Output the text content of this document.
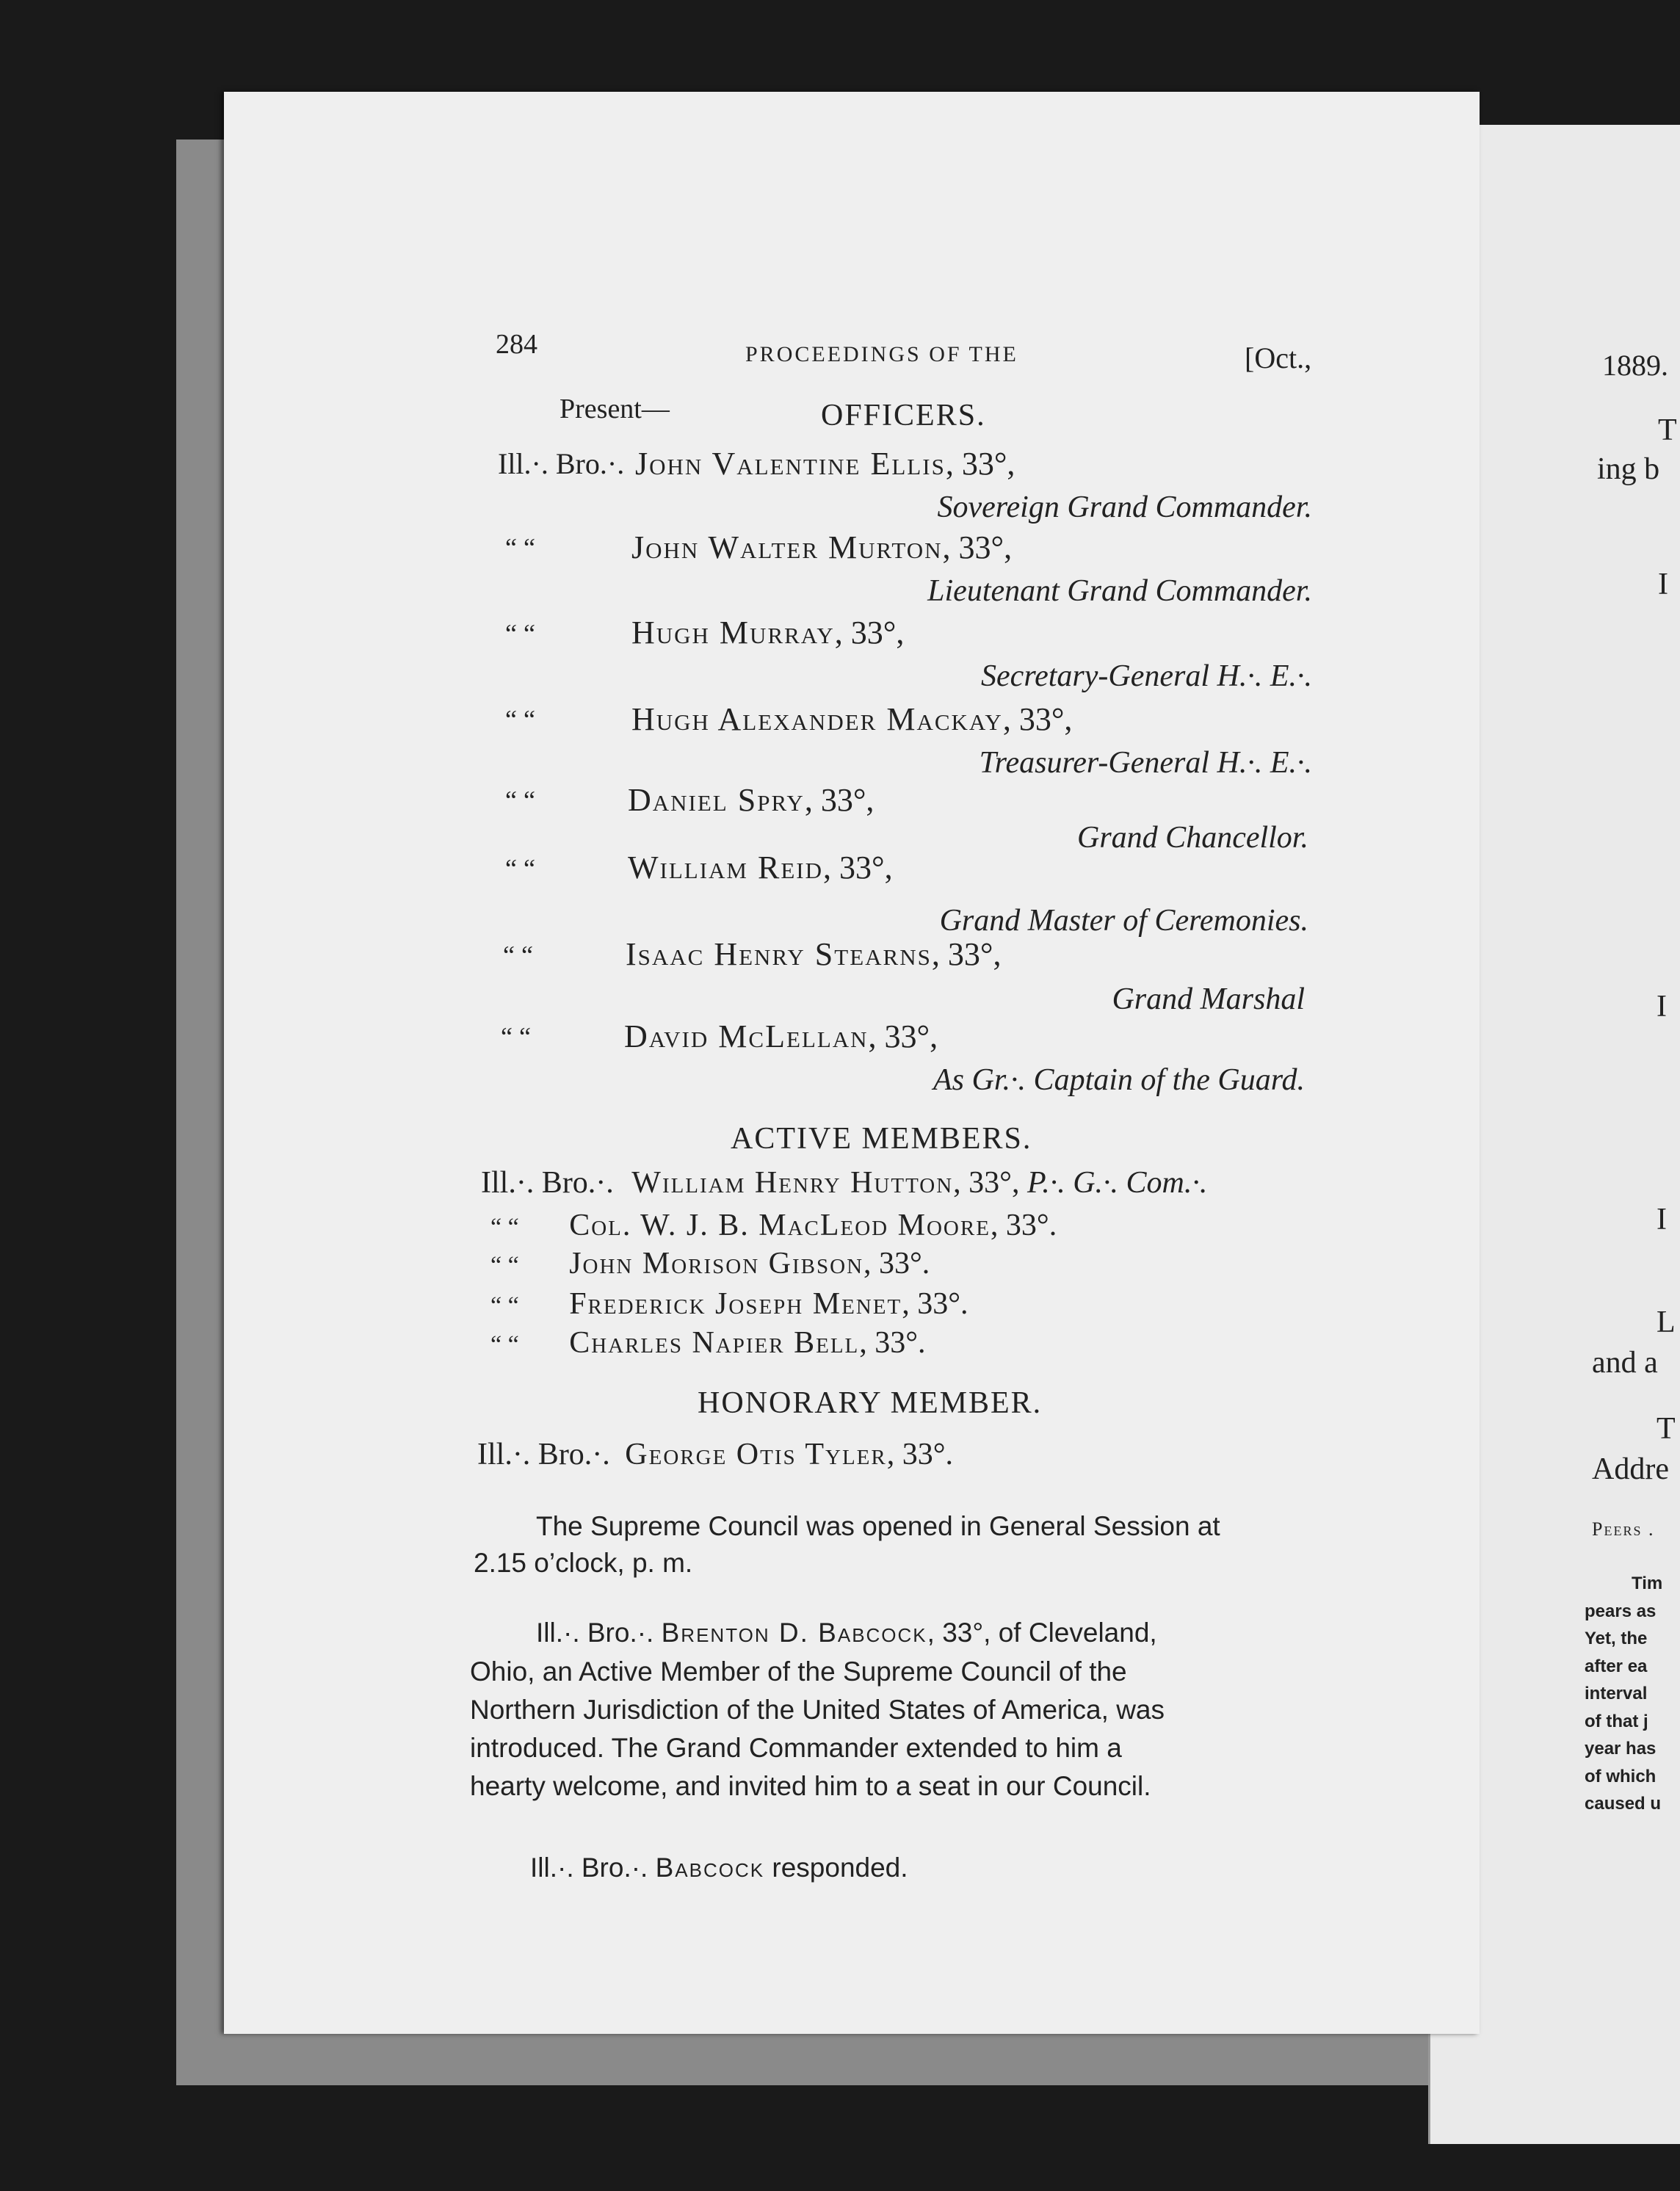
284	PROCEEDINGS OF THE	[Oct.,
Present—	OFFICERS.
Ill.·. Bro.·. John Valentine Ellis, 33°,
Sovereign Grand Commander.
“ “	John Walter Murton, 33°,
Lieutenant Grand Commander.
“ “	Hugh Murray, 33°,
Secretary-General H.·. E.·.
“ “	Hugh Alexander Mackay, 33°,
Treasurer-General H.·. E.·.
“ “	Daniel Spry, 33°,
Grand Chancellor.
“ “	William Reid, 33°,
Grand Master of Ceremonies.
“ “	Isaac Henry Stearns, 33°,
Grand Marshal
“ “	David McLellan, 33°,
As Gr.·. Captain of the Guard.
ACTIVE MEMBERS.
Ill.·. Bro.·. William Henry Hutton, 33°, P.·. G.·. Com.·.
“ “ Col. W. J. B. MacLeod Moore, 33°.
“ “ John Morison Gibson, 33°.
“ “ Frederick Joseph Menet, 33°.
“ “ Charles Napier Bell, 33°.
HONORARY MEMBER.
Ill.·. Bro.·. George Otis Tyler, 33°.
The Supreme Council was opened in General Session at
2.15 o’clock, p. m.
Ill.·. Bro.·. Brenton D. Babcock, 33°, of Cleveland,
Ohio, an Active Member of the Supreme Council of the
Northern Jurisdiction of the United States of America, was
introduced. The Grand Commander extended to him a
hearty welcome, and invited him to a seat in our Council.
Ill.·. Bro.·. Babcock responded.
1889.
T
ing b
I
I
I
L
and a
T
Addre
Peers .
Tim
pears as
Yet, the
after ea
interval
of that j
year has
of which
caused u
